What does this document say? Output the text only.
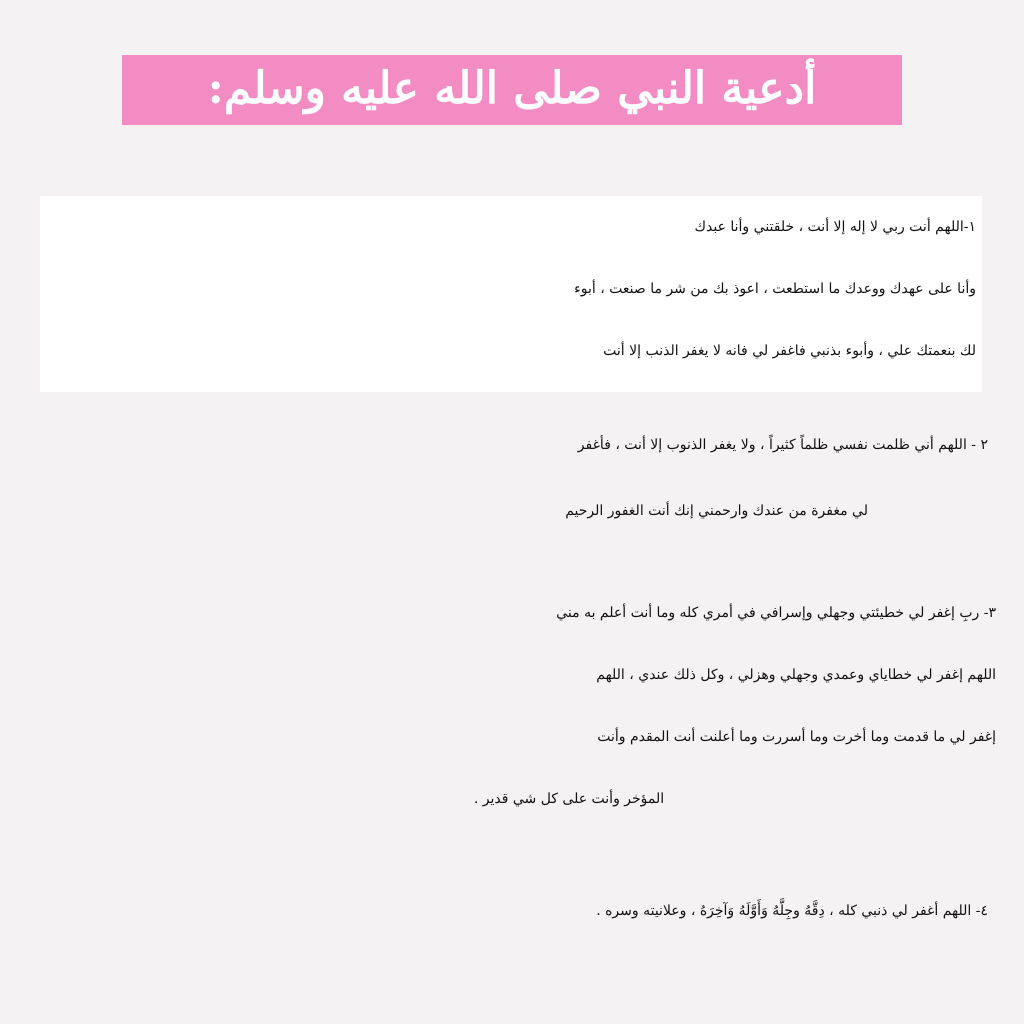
أدعية النبي صلى الله عليه وسلم:

١-اللهم أنت ربي لا إله إلا أنت ، خلقتني وأنا عبدك

وأنا على عهدك ووعدك ما استطعت ، اعوذ بك من شر ما صنعت ، أبوء

لك بنعمتك علي ، وأبوء بذنبي فاغفر لي فانه لا يغفر الذنب إلا أنت

٢ - اللهم أني ظلمت نفسي ظلماً كثيراً ، ولا يغفر الذنوب إلا أنت ، فأغفر

لي مغفرة من عندك وارحمني إنك أنت الغفور الرحيم

٣- ربِ إغفر لي خطيئتي وجهلي وإسرافي في أمري كله وما أنت أعلم به مني

اللهم إغفر لي خطاياي وعمدي وجهلي وهزلي ، وكل ذلك عندي ، اللهم

إغفر لي ما قدمت وما أخرت وما أسررت وما أعلنت أنت المقدم وأنت

المؤخر وأنت على كل شي قدير .

٤- اللهم أغفر لي ذنبي كله ، دِقَّهُ وجِلَّهُ وَأَوَّلَهُ وَآخِرَهُ ، وعلانيته وسره .
